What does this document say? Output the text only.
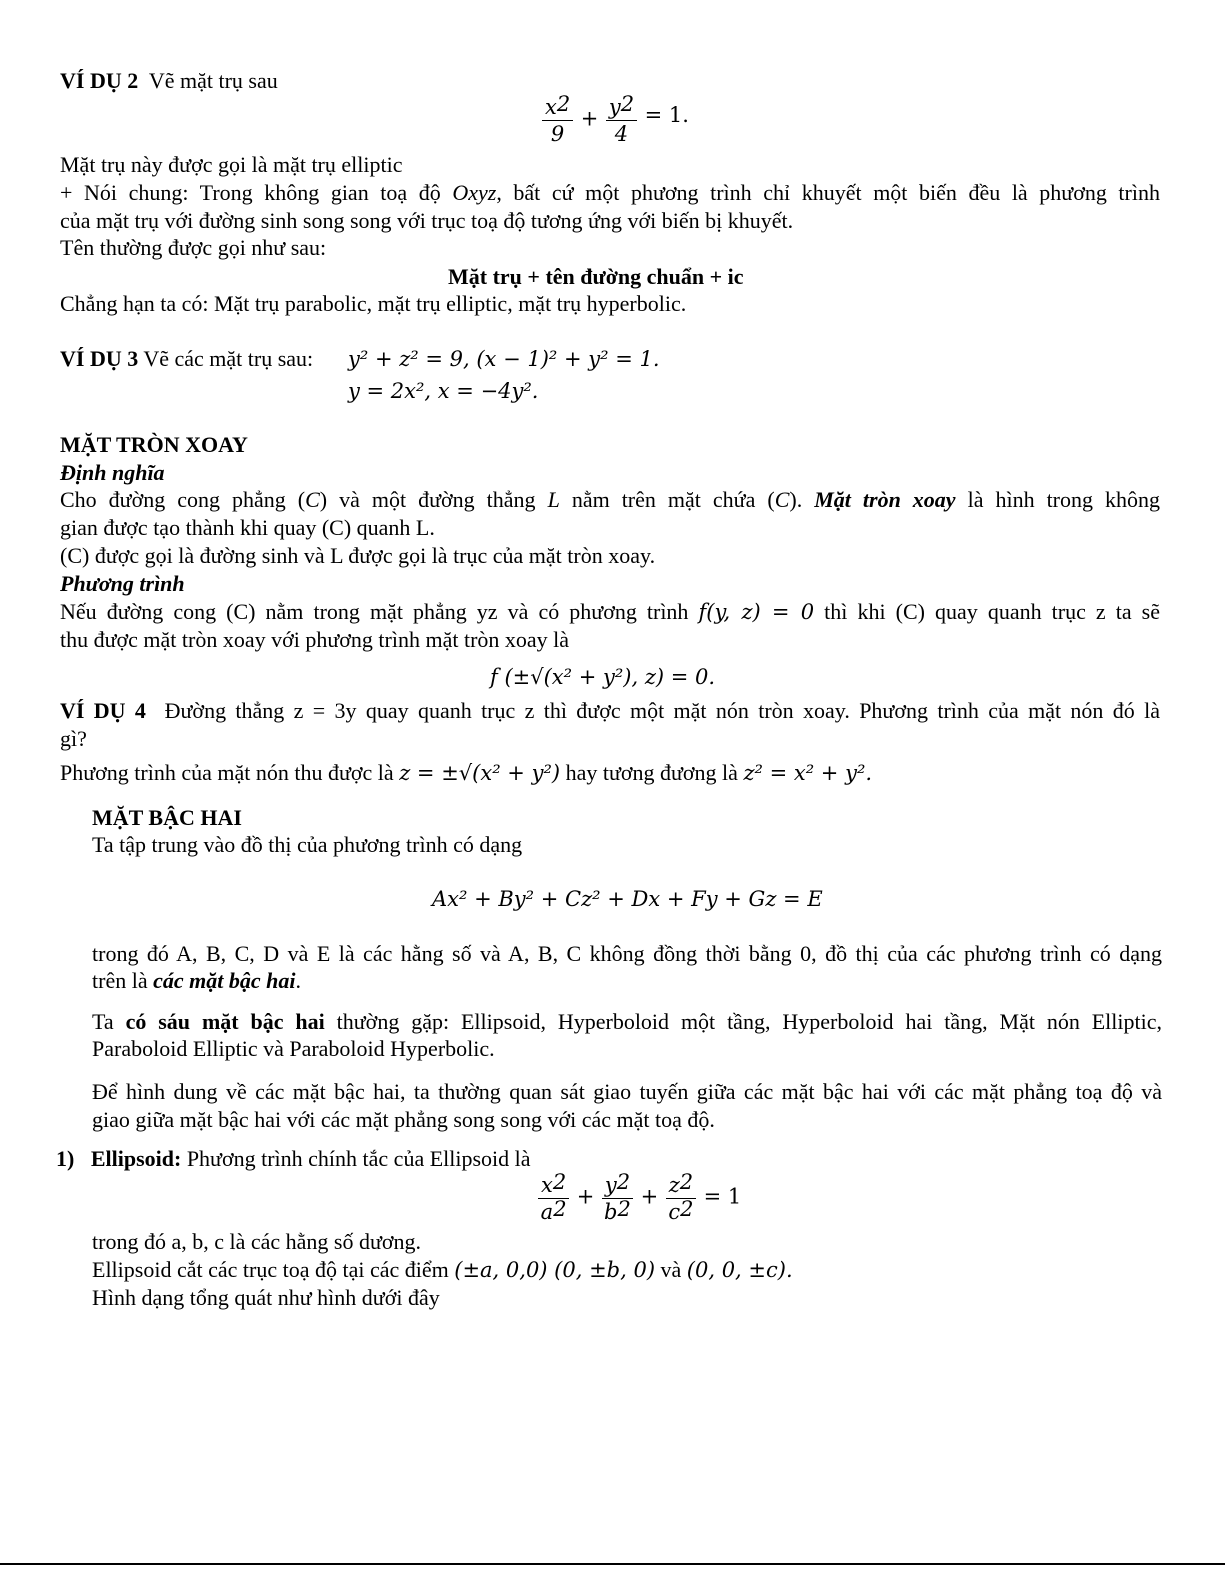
VÍ DỤ 2 Vẽ mặt trụ sau
$\frac{x^2}{9} + \frac{y^2}{4} = 1$.
Mặt trụ này được gọi là mặt trụ elliptic
+ Nói chung: Trong không gian toạ độ Oxyz, bất cứ một phương trình chỉ khuyết một biến đều là phương trình
của mặt trụ với đường sinh song song với trục toạ độ tương ứng với biến bị khuyết.
Tên thường được gọi như sau:
Mặt trụ + tên đường chuẩn + ic
Chẳng hạn ta có: Mặt trụ parabolic, mặt trụ elliptic, mặt trụ hyperbolic.
VÍ DỤ 3 Vẽ các mặt trụ sau: y² + z² = 9, (x − 1)² + y² = 1.
y = 2x², x = −4y².
MẶT TRÒN XOAY
Định nghĩa
Cho đường cong phẳng (C) và một đường thẳng L nằm trên mặt chứa (C). Mặt tròn xoay là hình trong không
gian được tạo thành khi quay (C) quanh L.
(C) được gọi là đường sinh và L được gọi là trục của mặt tròn xoay.
Phương trình
Nếu đường cong (C) nằm trong mặt phẳng yz và có phương trình f(y, z) = 0 thì khi (C) quay quanh trục z ta sẽ
thu được mặt tròn xoay với phương trình mặt tròn xoay là
f (±√(x² + y²), z) = 0.
VÍ DỤ 4 Đường thẳng z = 3y quay quanh trục z thì được một mặt nón tròn xoay. Phương trình của mặt nón đó là
gì?
Phương trình của mặt nón thu được là z = ±√(x² + y²) hay tương đương là z² = x² + y².
MẶT BẬC HAI
Ta tập trung vào đồ thị của phương trình có dạng
Ax² + By² + Cz² + Dx + Fy + Gz = E
trong đó A, B, C, D và E là các hằng số và A, B, C không đồng thời bằng 0, đồ thị của các phương trình có dạng
trên là các mặt bậc hai.
Ta có sáu mặt bậc hai thường gặp: Ellipsoid, Hyperboloid một tầng, Hyperboloid hai tầng, Mặt nón Elliptic,
Paraboloid Elliptic và Paraboloid Hyperbolic.
Để hình dung về các mặt bậc hai, ta thường quan sát giao tuyến giữa các mặt bậc hai với các mặt phẳng toạ độ và
giao giữa mặt bậc hai với các mặt phẳng song song với các mặt toạ độ.
1) Ellipsoid: Phương trình chính tắc của Ellipsoid là
$\frac{x^2}{a^2} + \frac{y^2}{b^2} + \frac{z^2}{c^2} = 1$
trong đó a, b, c là các hằng số dương.
Ellipsoid cắt các trục toạ độ tại các điểm (±a, 0,0) (0, ±b, 0) và (0, 0, ±c).
Hình dạng tổng quát như hình dưới đây
